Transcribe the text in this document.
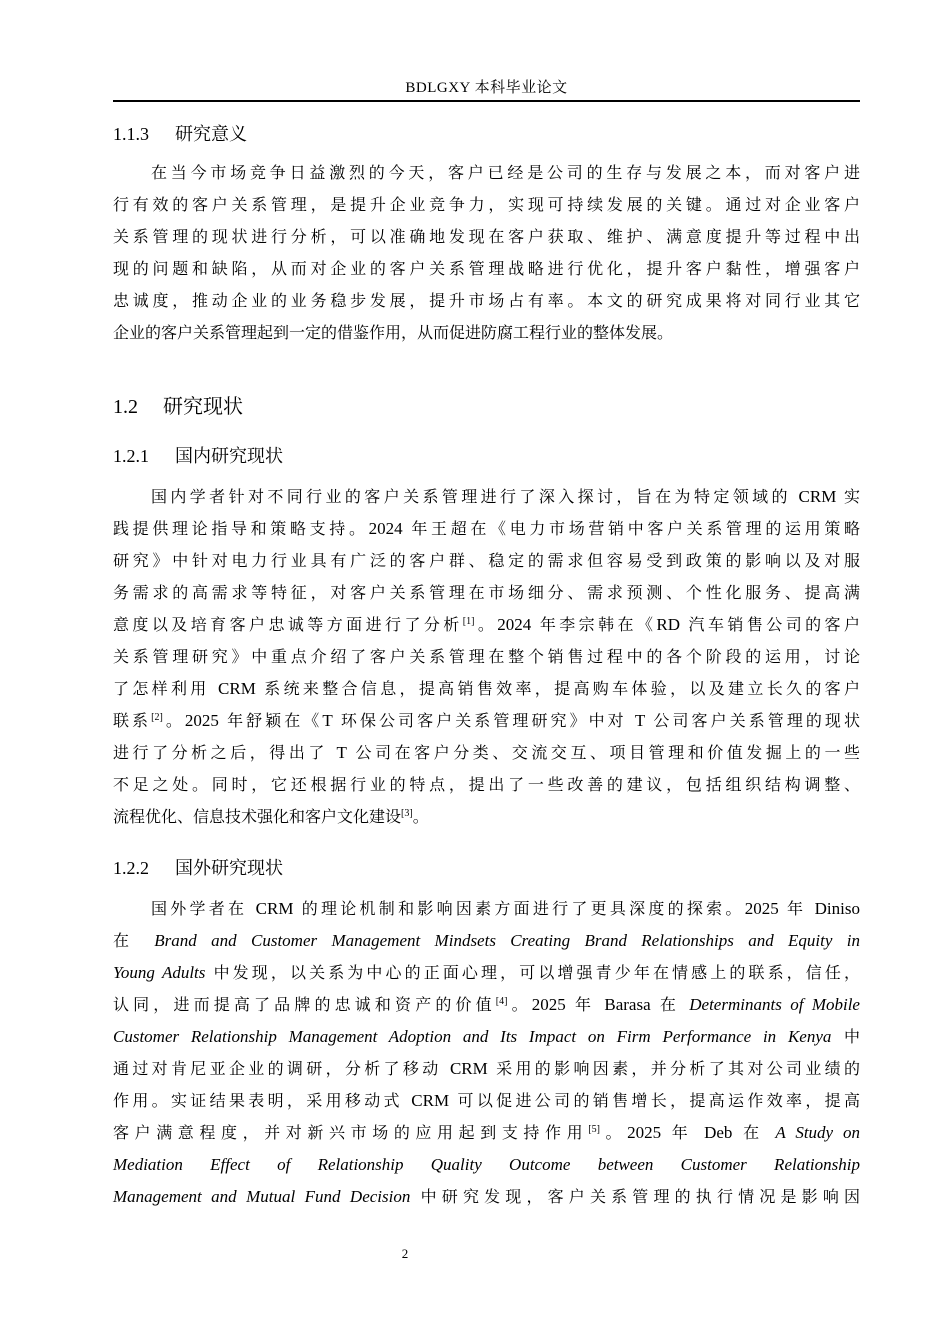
BDLGXY 本科毕业论文
1.1.3 研究意义
在当今市场竞争日益激烈的今天，客户已经是公司的生存与发展之本，而对客户进
行有效的客户关系管理，是提升企业竞争力，实现可持续发展的关键。通过对企业客户
关系管理的现状进行分析，可以准确地发现在客户获取、维护、满意度提升等过程中出
现的问题和缺陷，从而对企业的客户关系管理战略进行优化，提升客户黏性，增强客户
忠诚度，推动企业的业务稳步发展，提升市场占有率。本文的研究成果将对同行业其它
企业的客户关系管理起到一定的借鉴作用，从而促进防腐工程行业的整体发展。
1.2 研究现状
1.2.1 国内研究现状
国内学者针对不同行业的客户关系管理进行了深入探讨，旨在为特定领域的 CRM 实
践提供理论指导和策略支持。2024 年王超在《电力市场营销中客户关系管理的运用策略
研究》中针对电力行业具有广泛的客户群、稳定的需求但容易受到政策的影响以及对服
务需求的高需求等特征，对客户关系管理在市场细分、需求预测、个性化服务、提高满
意度以及培育客户忠诚等方面进行了分析[1]。2024 年李宗韩在《RD 汽车销售公司的客户
关系管理研究》中重点介绍了客户关系管理在整个销售过程中的各个阶段的运用，讨论
了怎样利用 CRM 系统来整合信息，提高销售效率，提高购车体验，以及建立长久的客户
联系[2]。2025 年舒颖在《T 环保公司客户关系管理研究》中对 T 公司客户关系管理的现状
进行了分析之后，得出了 T 公司在客户分类、交流交互、项目管理和价值发掘上的一些
不足之处。同时，它还根据行业的特点，提出了一些改善的建议，包括组织结构调整、
流程优化、信息技术强化和客户文化建设[3]。
1.2.2 国外研究现状
国外学者在 CRM 的理论机制和影响因素方面进行了更具深度的探索。2025 年 Diniso
在 Brand and Customer Management Mindsets Creating Brand Relationships and Equity in
Young Adults 中发现，以关系为中心的正面心理，可以增强青少年在情感上的联系，信任，
认同，进而提高了品牌的忠诚和资产的价值[4]。2025 年 Barasa 在 Determinants of Mobile
Customer Relationship Management Adoption and Its Impact on Firm Performance in Kenya 中
通过对肯尼亚企业的调研，分析了移动 CRM 采用的影响因素，并分析了其对公司业绩的
作用。实证结果表明，采用移动式 CRM 可以促进公司的销售增长，提高运作效率，提高
客户满意程度，并对新兴市场的应用起到支持作用[5]。2025 年 Deb 在 A Study on
Mediation Effect of Relationship Quality Outcome between Customer Relationship
Management and Mutual Fund Decision 中研究发现，客户关系管理的执行情况是影响因
2
